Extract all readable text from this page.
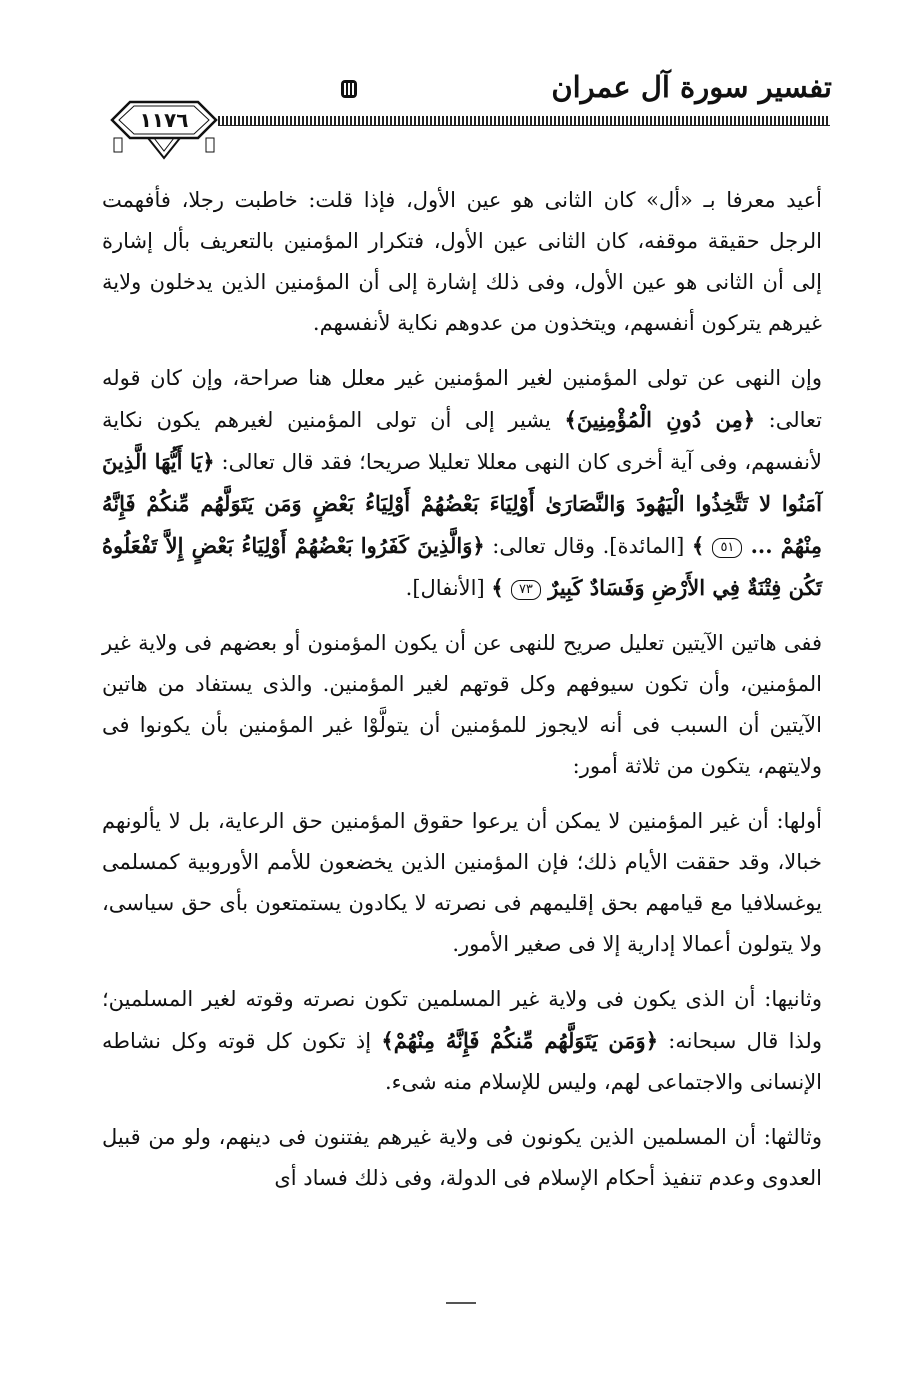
تفسير سورة آل عمران
١١٧٦

أعيد معرفا بـ «أل» كان الثانى هو عين الأول، فإذا قلت: خاطبت رجلا، فأفهمت الرجل حقيقة موقفه، كان الثانى عين الأول، فتكرار المؤمنين بالتعريف بأل إشارة إلى أن الثانى هو عين الأول، وفى ذلك إشارة إلى أن المؤمنين الذين يدخلون ولاية غيرهم يتركون أنفسهم، ويتخذون من عدوهم نكاية لأنفسهم.

وإن النهى عن تولى المؤمنين لغير المؤمنين غير معلل هنا صراحة، وإن كان قوله تعالى: ﴿مِن دُونِ الْمُؤْمِنِينَ﴾ يشير إلى أن تولى المؤمنين لغيرهم يكون نكاية لأنفسهم، وفى آية أخرى كان النهى معللا تعليلا صريحا؛ فقد قال تعالى: ﴿يَا أَيُّهَا الَّذِينَ آمَنُوا لا تَتَّخِذُوا الْيَهُودَ وَالنَّصَارَىٰ أَوْلِيَاءَ بَعْضُهُمْ أَوْلِيَاءُ بَعْضٍ وَمَن يَتَوَلَّهُم مِّنكُمْ فَإِنَّهُ مِنْهُمْ ... ٥١ ﴾ [المائدة]. وقال تعالى: ﴿وَالَّذِينَ كَفَرُوا بَعْضُهُمْ أَوْلِيَاءُ بَعْضٍ إِلاَّ تَفْعَلُوهُ تَكُن فِتْنَةٌ فِي الأَرْضِ وَفَسَادٌ كَبِيرٌ ٧٣ ﴾ [الأنفال].

ففى هاتين الآيتين تعليل صريح للنهى عن أن يكون المؤمنون أو بعضهم فى ولاية غير المؤمنين، وأن تكون سيوفهم وكل قوتهم لغير المؤمنين. والذى يستفاد من هاتين الآيتين أن السبب فى أنه لايجوز للمؤمنين أن يتولَّوْا غير المؤمنين بأن يكونوا فى ولايتهم، يتكون من ثلاثة أمور:

أولها: أن غير المؤمنين لا يمكن أن يرعوا حقوق المؤمنين حق الرعاية، بل لا يألونهم خبالا، وقد حققت الأيام ذلك؛ فإن المؤمنين الذين يخضعون للأمم الأوروبية كمسلمى يوغسلافيا مع قيامهم بحق إقليمهم فى نصرته لا يكادون يستمتعون بأى حق سياسى، ولا يتولون أعمالا إدارية إلا فى صغير الأمور.

وثانيها: أن الذى يكون فى ولاية غير المسلمين تكون نصرته وقوته لغير المسلمين؛ ولذا قال سبحانه: ﴿وَمَن يَتَوَلَّهُم مِّنكُمْ فَإِنَّهُ مِنْهُمْ﴾ إذ تكون كل قوته وكل نشاطه الإنسانى والاجتماعى لهم، وليس للإسلام منه شىء.

وثالثها: أن المسلمين الذين يكونون فى ولاية غيرهم يفتنون فى دينهم، ولو من قبيل العدوى وعدم تنفيذ أحكام الإسلام فى الدولة، وفى ذلك فساد أى
